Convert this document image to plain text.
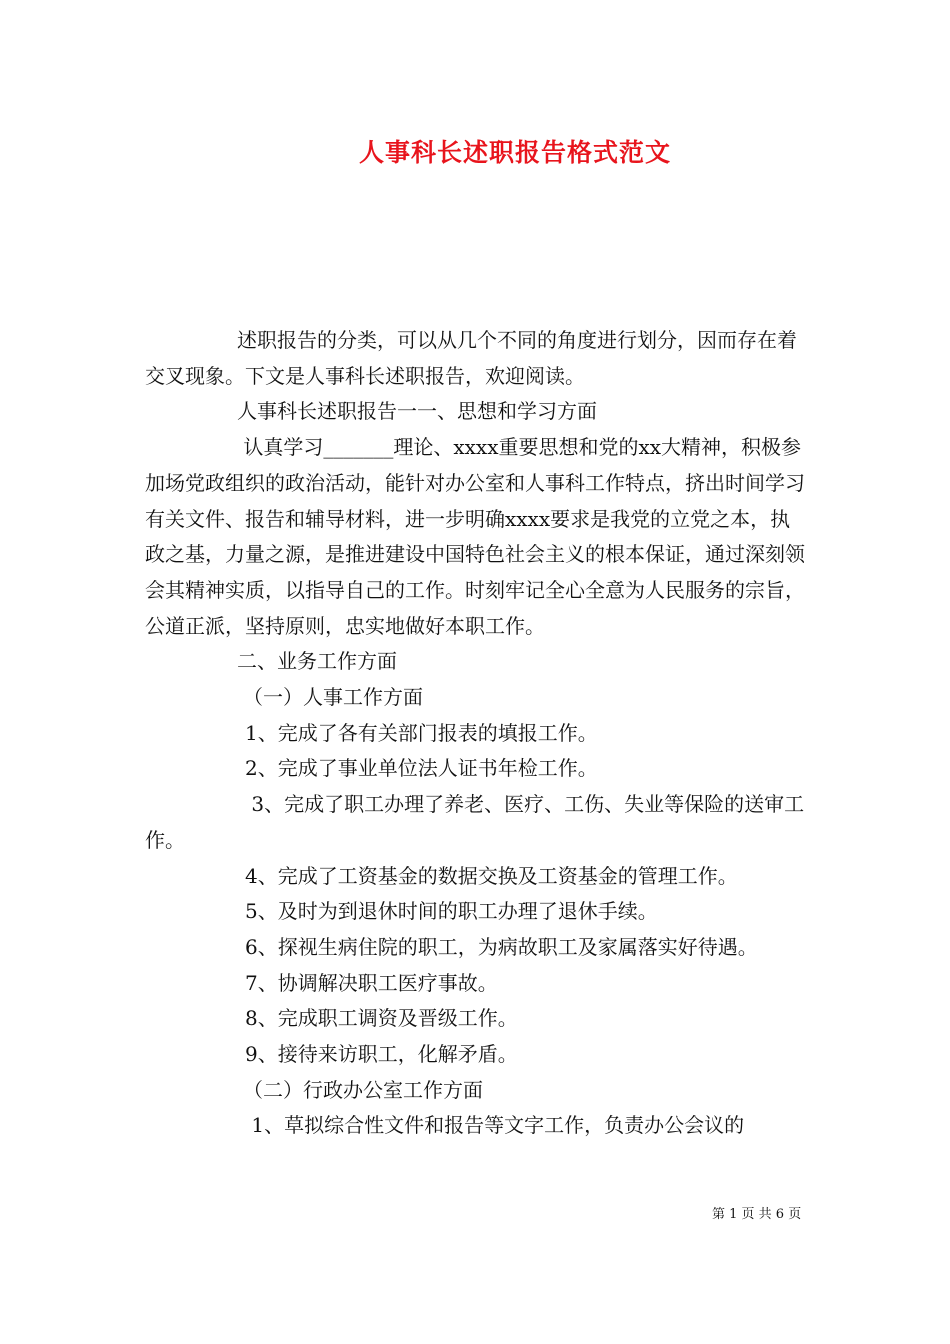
人事科长述职报告格式范文

述职报告的分类，可以从几个不同的角度进行划分，因而存在着交叉现象。下文是人事科长述职报告，欢迎阅读。

人事科长述职报告一一、思想和学习方面

认真学习_______理论、xxxx重要思想和党的xx大精神，积极参加场党政组织的政治活动，能针对办公室和人事科工作特点，挤出时间学习有关文件、报告和辅导材料，进一步明确xxxx要求是我党的立党之本，执政之基，力量之源，是推进建设中国特色社会主义的根本保证，通过深刻领会其精神实质，以指导自己的工作。时刻牢记全心全意为人民服务的宗旨，公道正派，坚持原则，忠实地做好本职工作。

二、业务工作方面

（一）人事工作方面

1、完成了各有关部门报表的填报工作。

2、完成了事业单位法人证书年检工作。

3、完成了职工办理了养老、医疗、工伤、失业等保险的送审工作。

4、完成了工资基金的数据交换及工资基金的管理工作。

5、及时为到退休时间的职工办理了退休手续。

6、探视生病住院的职工，为病故职工及家属落实好待遇。

7、协调解决职工医疗事故。

8、完成职工调资及晋级工作。

9、接待来访职工，化解矛盾。

（二）行政办公室工作方面

1、草拟综合性文件和报告等文字工作，负责办公会议的

第 1 页 共 6 页
